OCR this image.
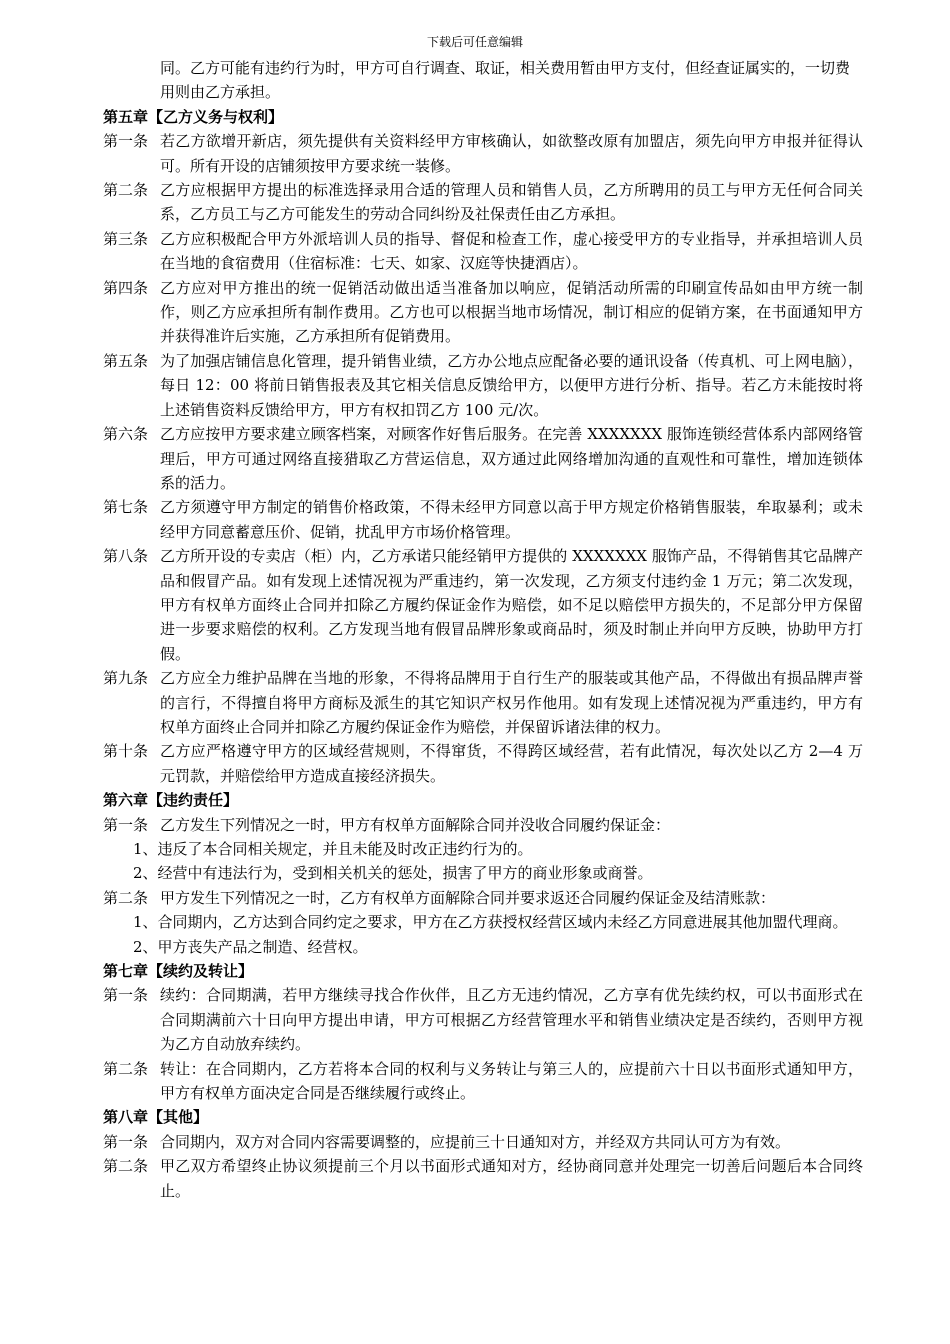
下载后可任意编辑
同。乙方可能有违约行为时，甲方可自行调查、取证，相关费用暂由甲方支付，但经查证属实的，一切费用则由乙方承担。
第五章【乙方义务与权利】
第一条 若乙方欲增开新店，须先提供有关资料经甲方审核确认，如欲整改原有加盟店，须先向甲方申报并征得认可。所有开设的店铺须按甲方要求统一装修。
第二条 乙方应根据甲方提出的标准选择录用合适的管理人员和销售人员，乙方所聘用的员工与甲方无任何合同关系，乙方员工与乙方可能发生的劳动合同纠纷及社保责任由乙方承担。
第三条 乙方应积极配合甲方外派培训人员的指导、督促和检查工作，虚心接受甲方的专业指导，并承担培训人员在当地的食宿费用（住宿标准：七天、如家、汉庭等快捷酒店）。
第四条 乙方应对甲方推出的统一促销活动做出适当准备加以响应，促销活动所需的印刷宣传品如由甲方统一制作，则乙方应承担所有制作费用。乙方也可以根据当地市场情况，制订相应的促销方案，在书面通知甲方并获得准许后实施，乙方承担所有促销费用。
第五条 为了加强店铺信息化管理，提升销售业绩，乙方办公地点应配备必要的通讯设备（传真机、可上网电脑），每日 12：00 将前日销售报表及其它相关信息反馈给甲方，以便甲方进行分析、指导。若乙方未能按时将上述销售资料反馈给甲方，甲方有权扣罚乙方 100 元/次。
第六条 乙方应按甲方要求建立顾客档案，对顾客作好售后服务。在完善 XXXXXXX 服饰连锁经营体系内部网络管理后，甲方可通过网络直接猎取乙方营运信息，双方通过此网络增加沟通的直观性和可靠性，增加连锁体系的活力。
第七条 乙方须遵守甲方制定的销售价格政策，不得未经甲方同意以高于甲方规定价格销售服装，牟取暴利；或未经甲方同意蓄意压价、促销，扰乱甲方市场价格管理。
第八条 乙方所开设的专卖店（柜）内，乙方承诺只能经销甲方提供的 XXXXXXX 服饰产品，不得销售其它品牌产品和假冒产品。如有发现上述情况视为严重违约，第一次发现，乙方须支付违约金 1 万元；第二次发现，甲方有权单方面终止合同并扣除乙方履约保证金作为赔偿，如不足以赔偿甲方损失的，不足部分甲方保留进一步要求赔偿的权利。乙方发现当地有假冒品牌形象或商品时，须及时制止并向甲方反映，协助甲方打假。
第九条 乙方应全力维护品牌在当地的形象，不得将品牌用于自行生产的服装或其他产品，不得做出有损品牌声誉的言行，不得擅自将甲方商标及派生的其它知识产权另作他用。如有发现上述情况视为严重违约，甲方有权单方面终止合同并扣除乙方履约保证金作为赔偿，并保留诉诸法律的权力。
第十条 乙方应严格遵守甲方的区域经营规则，不得窜货，不得跨区域经营，若有此情况，每次处以乙方 2—4 万元罚款，并赔偿给甲方造成直接经济损失。
第六章【违约责任】
第一条 乙方发生下列情况之一时，甲方有权单方面解除合同并没收合同履约保证金：
1、违反了本合同相关规定，并且未能及时改正违约行为的。
2、经营中有违法行为，受到相关机关的惩处，损害了甲方的商业形象或商誉。
第二条 甲方发生下列情况之一时，乙方有权单方面解除合同并要求返还合同履约保证金及结清账款：
1、合同期内，乙方达到合同约定之要求，甲方在乙方获授权经营区域内未经乙方同意进展其他加盟代理商。
2、甲方丧失产品之制造、经营权。
第七章【续约及转让】
第一条 续约：合同期满，若甲方继续寻找合作伙伴，且乙方无违约情况，乙方享有优先续约权，可以书面形式在合同期满前六十日向甲方提出申请，甲方可根据乙方经营管理水平和销售业绩决定是否续约，否则甲方视为乙方自动放弃续约。
第二条 转让：在合同期内，乙方若将本合同的权利与义务转让与第三人的，应提前六十日以书面形式通知甲方，甲方有权单方面决定合同是否继续履行或终止。
第八章【其他】
第一条 合同期内，双方对合同内容需要调整的，应提前三十日通知对方，并经双方共同认可方为有效。
第二条 甲乙双方希望终止协议须提前三个月以书面形式通知对方，经协商同意并处理完一切善后问题后本合同终止。
